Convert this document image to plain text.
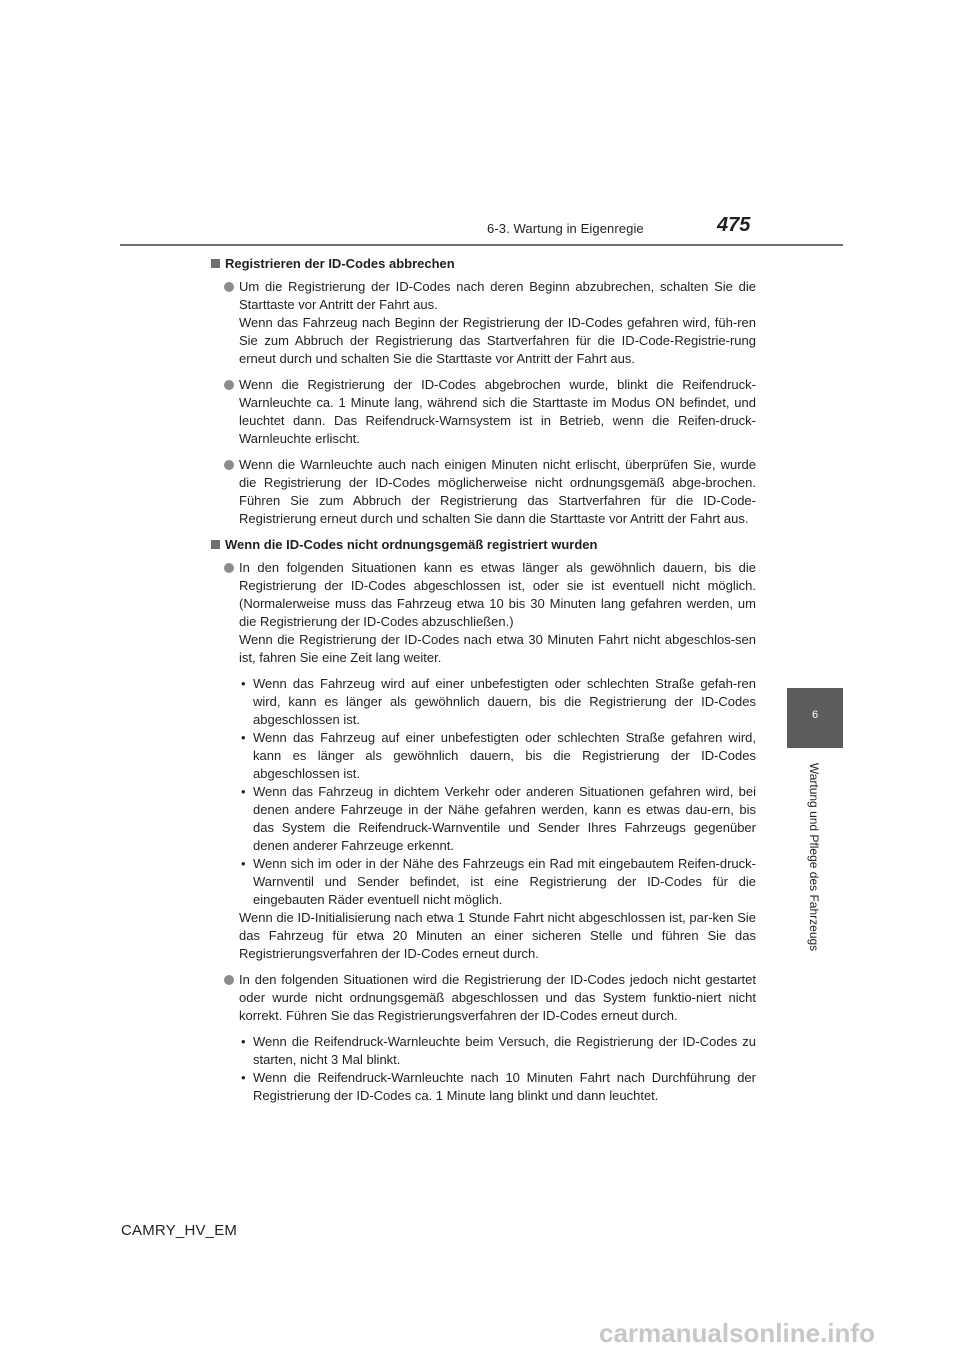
6-3. Wartung in Eigenregie	475
6
Wartung und Pflege des Fahrzeugs
Registrieren der ID-Codes abbrechen

Um die Registrierung der ID-Codes nach deren Beginn abzubrechen, schalten Sie die Starttaste vor Antritt der Fahrt aus.

Wenn das Fahrzeug nach Beginn der Registrierung der ID-Codes gefahren wird, füh-ren Sie zum Abbruch der Registrierung das Startverfahren für die ID-Code-Registrie-rung erneut durch und schalten Sie die Starttaste vor Antritt der Fahrt aus.

Wenn die Registrierung der ID-Codes abgebrochen wurde, blinkt die Reifendruck-Warnleuchte ca. 1 Minute lang, während sich die Starttaste im Modus ON befindet, und leuchtet dann. Das Reifendruck-Warnsystem ist in Betrieb, wenn die Reifen-druck-Warnleuchte erlischt.

Wenn die Warnleuchte auch nach einigen Minuten nicht erlischt, überprüfen Sie, wurde die Registrierung der ID-Codes möglicherweise nicht ordnungsgemäß abge-brochen. Führen Sie zum Abbruch der Registrierung das Startverfahren für die ID-Code-Registrierung erneut durch und schalten Sie dann die Starttaste vor Antritt der Fahrt aus.

Wenn die ID-Codes nicht ordnungsgemäß registriert wurden

In den folgenden Situationen kann es etwas länger als gewöhnlich dauern, bis die Registrierung der ID-Codes abgeschlossen ist, oder sie ist eventuell nicht möglich. (Normalerweise muss das Fahrzeug etwa 10 bis 30 Minuten lang gefahren werden, um die Registrierung der ID-Codes abzuschließen.)

Wenn die Registrierung der ID-Codes nach etwa 30 Minuten Fahrt nicht abgeschlos-sen ist, fahren Sie eine Zeit lang weiter.

• Wenn das Fahrzeug wird auf einer unbefestigten oder schlechten Straße gefah-ren wird, kann es länger als gewöhnlich dauern, bis die Registrierung der ID-Codes abgeschlossen ist.
• Wenn das Fahrzeug auf einer unbefestigten oder schlechten Straße gefahren wird, kann es länger als gewöhnlich dauern, bis die Registrierung der ID-Codes abgeschlossen ist.
• Wenn das Fahrzeug in dichtem Verkehr oder anderen Situationen gefahren wird, bei denen andere Fahrzeuge in der Nähe gefahren werden, kann es etwas dau-ern, bis das System die Reifendruck-Warnventile und Sender Ihres Fahrzeugs gegenüber denen anderer Fahrzeuge erkennt.
• Wenn sich im oder in der Nähe des Fahrzeugs ein Rad mit eingebautem Reifen-druck-Warnventil und Sender befindet, ist eine Registrierung der ID-Codes für die eingebauten Räder eventuell nicht möglich.
Wenn die ID-Initialisierung nach etwa 1 Stunde Fahrt nicht abgeschlossen ist, par-ken Sie das Fahrzeug für etwa 20 Minuten an einer sicheren Stelle und führen Sie das Registrierungsverfahren der ID-Codes erneut durch.

In den folgenden Situationen wird die Registrierung der ID-Codes jedoch nicht gestartet oder wurde nicht ordnungsgemäß abgeschlossen und das System funktio-niert nicht korrekt. Führen Sie das Registrierungsverfahren der ID-Codes erneut durch.

• Wenn die Reifendruck-Warnleuchte beim Versuch, die Registrierung der ID-Codes zu starten, nicht 3 Mal blinkt.
• Wenn die Reifendruck-Warnleuchte nach 10 Minuten Fahrt nach Durchführung der Registrierung der ID-Codes ca. 1 Minute lang blinkt und dann leuchtet.
CAMRY_HV_EM
carmanualsonline.info
